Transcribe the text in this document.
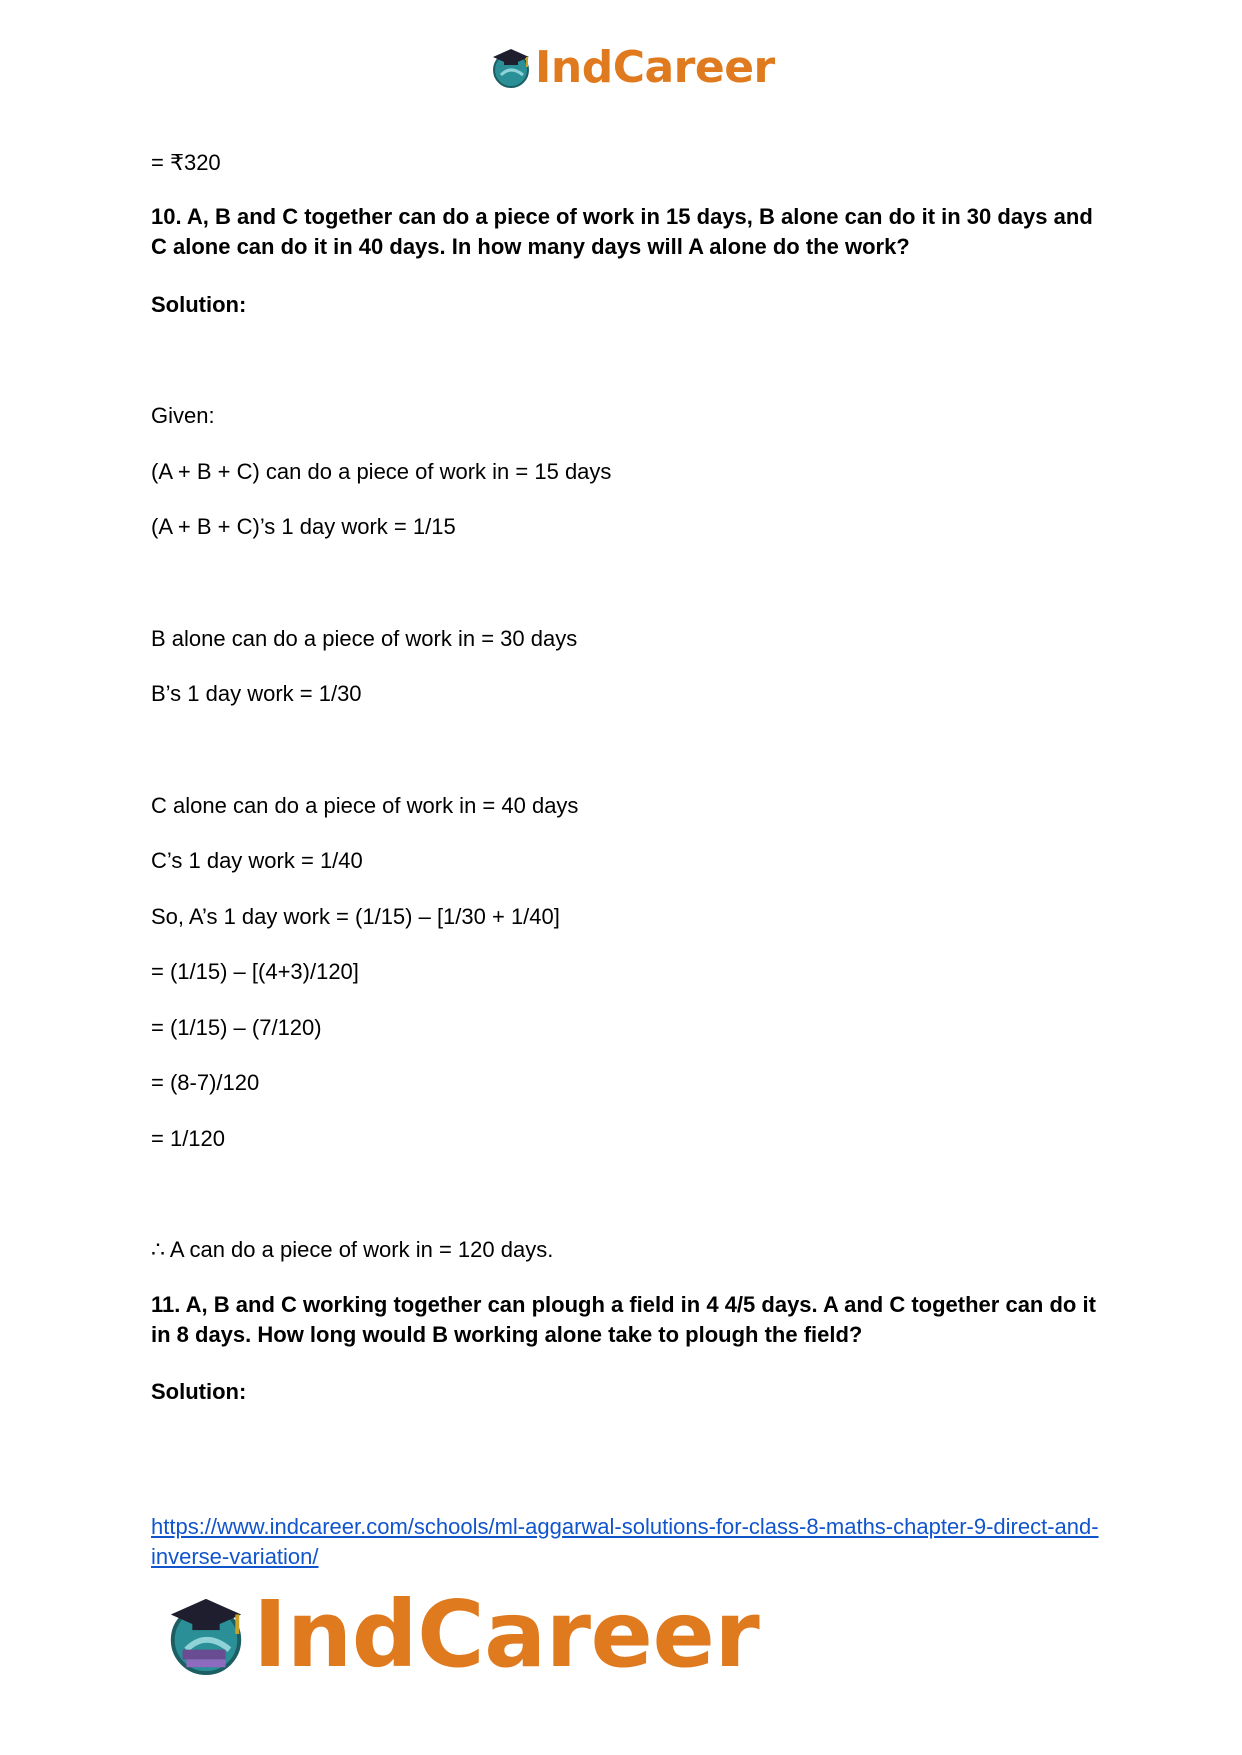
IndCareer
= ₹320
10. A, B and C together can do a piece of work in 15 days, B alone can do it in 30 days and C alone can do it in 40 days. In how many days will A alone do the work?
Solution:
Given:
(A + B + C) can do a piece of work in = 15 days
(A + B + C)’s 1 day work = 1/15
B alone can do a piece of work in = 30 days
B’s 1 day work = 1/30
C alone can do a piece of work in = 40 days
C’s 1 day work = 1/40
So, A’s 1 day work = (1/15) – [1/30 + 1/40]
= (1/15) – [(4+3)/120]
= (1/15) – (7/120)
= (8-7)/120
= 1/120
∴ A can do a piece of work in = 120 days.
11. A, B and C working together can plough a field in 4 4/5 days. A and C together can do it in 8 days. How long would B working alone take to plough the field?
Solution:
https://www.indcareer.com/schools/ml-aggarwal-solutions-for-class-8-maths-chapter-9-direct-and-inverse-variation/
IndCareer
